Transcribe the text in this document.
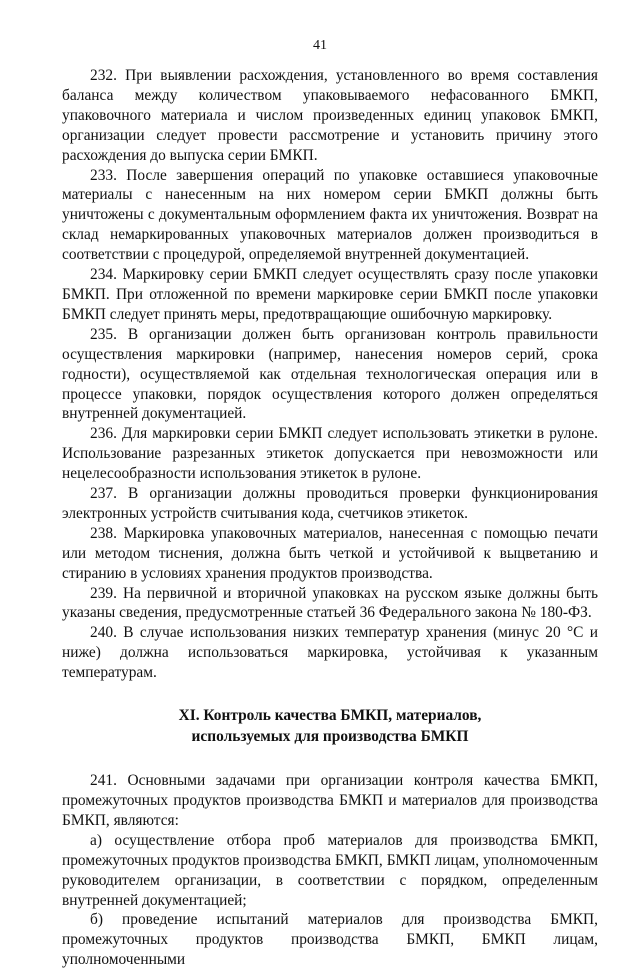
41

232. При выявлении расхождения, установленного во время составления баланса между количеством упаковываемого нефасованного БМКП, упаковочного материала и числом произведенных единиц упаковок БМКП, организации следует провести рассмотрение и установить причину этого расхождения до выпуска серии БМКП.

233. После завершения операций по упаковке оставшиеся упаковочные материалы с нанесенным на них номером серии БМКП должны быть уничтожены с документальным оформлением факта их уничтожения. Возврат на склад немаркированных упаковочных материалов должен производиться в соответствии с процедурой, определяемой внутренней документацией.

234. Маркировку серии БМКП следует осуществлять сразу после упаковки БМКП. При отложенной по времени маркировке серии БМКП после упаковки БМКП следует принять меры, предотвращающие ошибочную маркировку.

235. В организации должен быть организован контроль правильности осуществления маркировки (например, нанесения номеров серий, срока годности), осуществляемой как отдельная технологическая операция или в процессе упаковки, порядок осуществления которого должен определяться внутренней документацией.

236. Для маркировки серии БМКП следует использовать этикетки в рулоне. Использование разрезанных этикеток допускается при невозможности или нецелесообразности использования этикеток в рулоне.

237. В организации должны проводиться проверки функционирования электронных устройств считывания кода, счетчиков этикеток.

238. Маркировка упаковочных материалов, нанесенная с помощью печати или методом тиснения, должна быть четкой и устойчивой к выцветанию и стиранию в условиях хранения продуктов производства.

239. На первичной и вторичной упаковках на русском языке должны быть указаны сведения, предусмотренные статьей 36 Федерального закона № 180-ФЗ.

240. В случае использования низких температур хранения (минус 20 °С и ниже) должна использоваться маркировка, устойчивая к указанным температурам.

XI. Контроль качества БМКП, материалов,
используемых для производства БМКП

241. Основными задачами при организации контроля качества БМКП, промежуточных продуктов производства БМКП и материалов для производства БМКП, являются:

а) осуществление отбора проб материалов для производства БМКП, промежуточных продуктов производства БМКП, БМКП лицам, уполномоченным руководителем организации, в соответствии с порядком, определенным внутренней документацией;

б) проведение испытаний материалов для производства БМКП, промежуточных продуктов производства БМКП, БМКП лицам, уполномоченными
